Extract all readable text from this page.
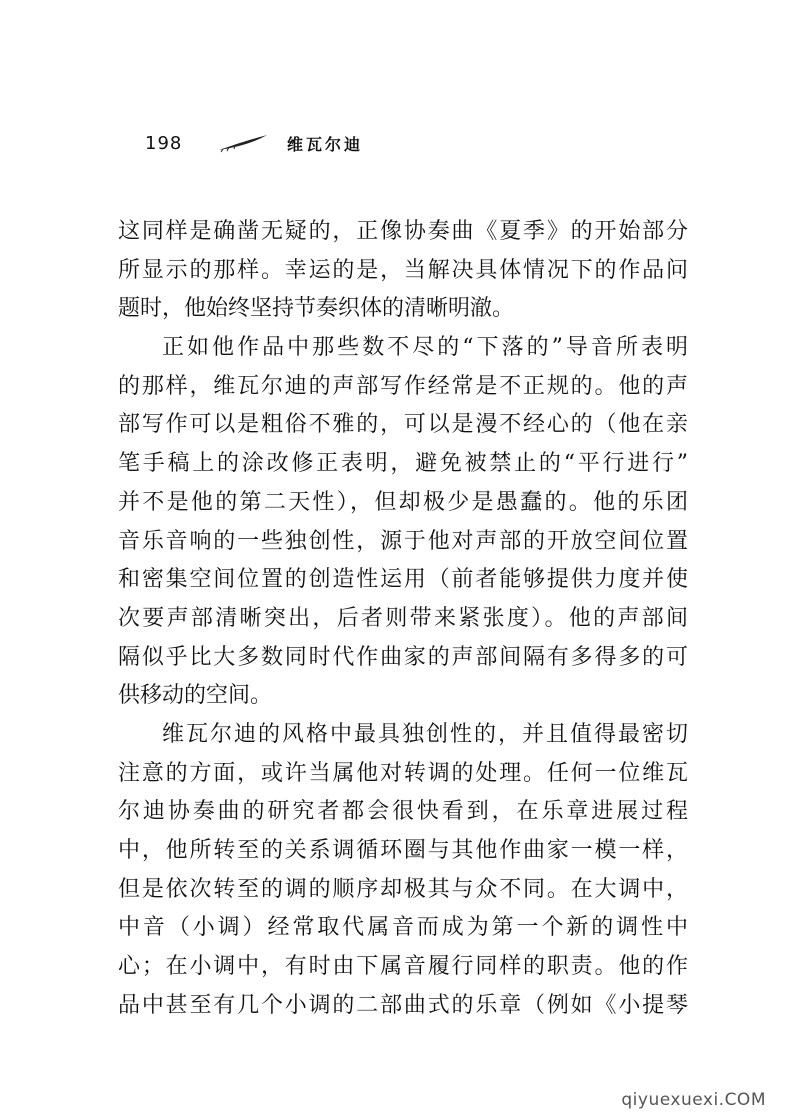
198	维瓦尔迪
这同样是确凿无疑的，正像协奏曲《夏季》的开始部分
所显示的那样。幸运的是，当解决具体情况下的作品问
题时，他始终坚持节奏织体的清晰明澈。
正如他作品中那些数不尽的“下落的”导音所表明
的那样，维瓦尔迪的声部写作经常是不正规的。他的声
部写作可以是粗俗不雅的，可以是漫不经心的（他在亲
笔手稿上的涂改修正表明，避免被禁止的“平行进行”
并不是他的第二天性），但却极少是愚蠢的。他的乐团
音乐音响的一些独创性，源于他对声部的开放空间位置
和密集空间位置的创造性运用（前者能够提供力度并使
次要声部清晰突出，后者则带来紧张度）。他的声部间
隔似乎比大多数同时代作曲家的声部间隔有多得多的可
供移动的空间。
维瓦尔迪的风格中最具独创性的，并且值得最密切
注意的方面，或许当属他对转调的处理。任何一位维瓦
尔迪协奏曲的研究者都会很快看到，在乐章进展过程
中，他所转至的关系调循环圈与其他作曲家一模一样，
但是依次转至的调的顺序却极其与众不同。在大调中，
中音（小调）经常取代属音而成为第一个新的调性中
心；在小调中，有时由下属音履行同样的职责。他的作
品中甚至有几个小调的二部曲式的乐章（例如《小提琴
qiyuexuexi.COM
